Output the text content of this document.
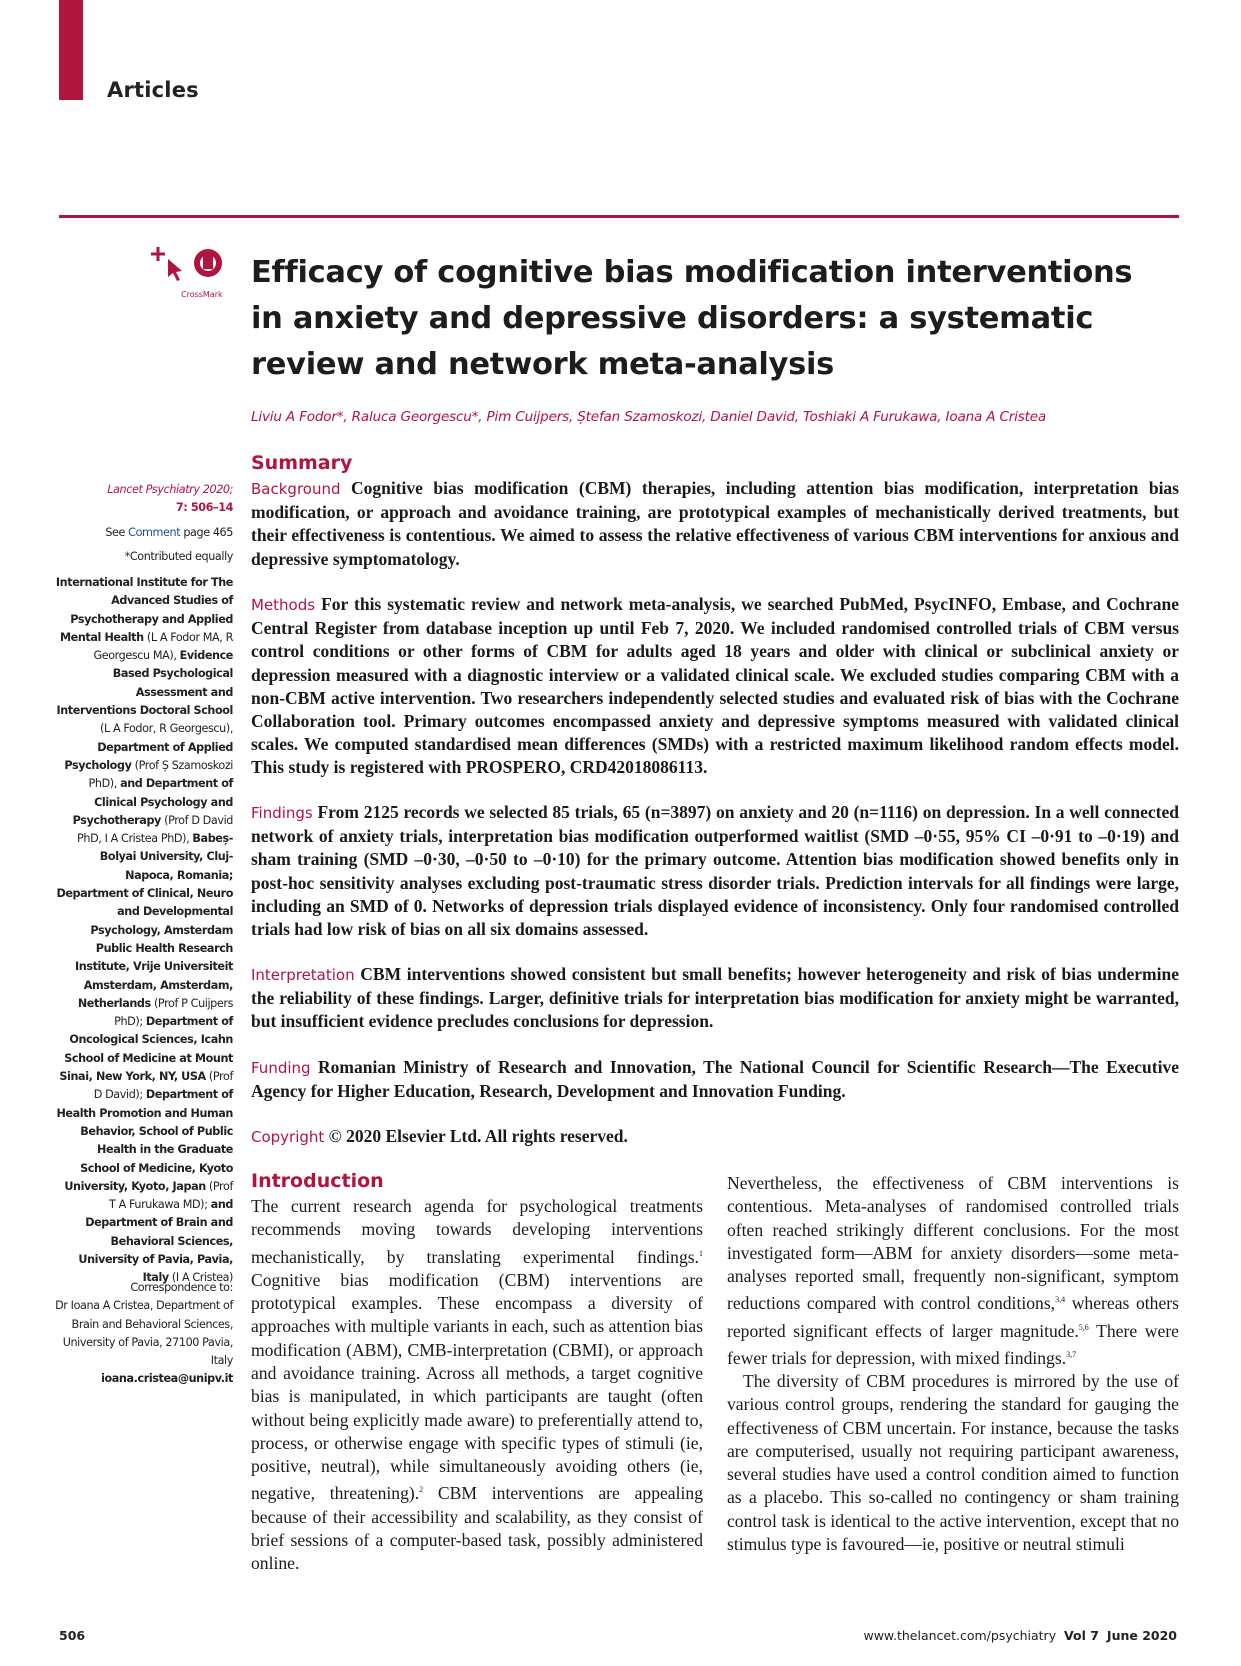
Articles
CrossMark
Efficacy of cognitive bias modification interventions in anxiety and depressive disorders: a systematic review and network meta-analysis
Liviu A Fodor*, Raluca Georgescu*, Pim Cuijpers, Ștefan Szamoskozi, Daniel David, Toshiaki A Furukawa, Ioana A Cristea
Summary

Background Cognitive bias modification (CBM) therapies, including attention bias modification, interpretation bias modification, or approach and avoidance training, are prototypical examples of mechanistically derived treatments, but their effectiveness is contentious. We aimed to assess the relative effectiveness of various CBM interventions for anxious and depressive symptomatology.

Methods For this systematic review and network meta-analysis, we searched PubMed, PsycINFO, Embase, and Cochrane Central Register from database inception up until Feb 7, 2020. We included randomised controlled trials of CBM versus control conditions or other forms of CBM for adults aged 18 years and older with clinical or subclinical anxiety or depression measured with a diagnostic interview or a validated clinical scale. We excluded studies comparing CBM with a non-CBM active intervention. Two researchers independently selected studies and evaluated risk of bias with the Cochrane Collaboration tool. Primary outcomes encompassed anxiety and depressive symptoms measured with validated clinical scales. We computed standardised mean differences (SMDs) with a restricted maximum likelihood random effects model. This study is registered with PROSPERO, CRD42018086113.

Findings From 2125 records we selected 85 trials, 65 (n=3897) on anxiety and 20 (n=1116) on depression. In a well connected network of anxiety trials, interpretation bias modification outperformed waitlist (SMD –0·55, 95% CI –0·91 to –0·19) and sham training (SMD –0·30, –0·50 to –0·10) for the primary outcome. Attention bias modification showed benefits only in post-hoc sensitivity analyses excluding post-traumatic stress disorder trials. Prediction intervals for all findings were large, including an SMD of 0. Networks of depression trials displayed evidence of inconsistency. Only four randomised controlled trials had low risk of bias on all six domains assessed.

Interpretation CBM interventions showed consistent but small benefits; however heterogeneity and risk of bias undermine the reliability of these findings. Larger, definitive trials for interpretation bias modification for anxiety might be warranted, but insufficient evidence precludes conclusions for depression.

Funding Romanian Ministry of Research and Innovation, The National Council for Scientific Research—The Executive Agency for Higher Education, Research, Development and Innovation Funding.

Copyright © 2020 Elsevier Ltd. All rights reserved.

Lancet Psychiatry 2020;
7: 506–14
See Comment page 465
*Contributed equally
International Institute for The Advanced Studies of Psychotherapy and Applied Mental Health (L A Fodor MA, R Georgescu MA), Evidence Based Psychological Assessment and Interventions Doctoral School (L A Fodor, R Georgescu), Department of Applied Psychology (Prof Ș Szamoskozi PhD), and Department of Clinical Psychology and Psychotherapy (Prof D David PhD, I A Cristea PhD), Babeș-Bolyai University, Cluj-Napoca, Romania; Department of Clinical, Neuro and Developmental Psychology, Amsterdam Public Health Research Institute, Vrije Universiteit Amsterdam, Amsterdam, Netherlands (Prof P Cuijpers PhD); Department of Oncological Sciences, Icahn School of Medicine at Mount Sinai, New York, NY, USA (Prof D David); Department of Health Promotion and Human Behavior, School of Public Health in the Graduate School of Medicine, Kyoto University, Kyoto, Japan (Prof T A Furukawa MD); and Department of Brain and Behavioral Sciences, University of Pavia, Pavia, Italy (I A Cristea)
Correspondence to:
Dr Ioana A Cristea, Department of Brain and Behavioral Sciences, University of Pavia, 27100 Pavia, Italy
ioana.cristea@unipv.it
Introduction

The current research agenda for psychological treatments recommends moving towards developing interventions mechanistically, by translating experimental findings.$^1$ Cognitive bias modification (CBM) interventions are prototypical examples. These encompass a diversity of approaches with multiple variants in each, such as attention bias modification (ABM), CMB-interpretation (CBMI), or approach and avoidance training. Across all methods, a target cognitive bias is manipulated, in which participants are taught (often without being explicitly made aware) to preferentially attend to, process, or otherwise engage with specific types of stimuli (ie, positive, neutral), while simultaneously avoiding others (ie, negative, threatening).$^2$ CBM interventions are appealing because of their accessibility and scalability, as they consist of brief sessions of a computer-based task, possibly administered online.

Nevertheless, the effectiveness of CBM interventions is contentious. Meta-analyses of randomised controlled trials often reached strikingly different conclusions. For the most investigated form—ABM for anxiety disorders—some meta-analyses reported small, frequently non-significant, symptom reductions compared with control conditions,$^{3,4}$ whereas others reported significant effects of larger magnitude.$^{5,6}$ There were fewer trials for depression, with mixed findings.$^{3,7}$

The diversity of CBM procedures is mirrored by the use of various control groups, rendering the standard for gauging the effectiveness of CBM uncertain. For instance, because the tasks are computerised, usually not requiring participant awareness, several studies have used a control condition aimed to function as a placebo. This so-called no contingency or sham training control task is identical to the active intervention, except that no stimulus type is favoured—ie, positive or neutral stimuli

506	www.thelancet.com/psychiatry Vol 7 June 2020
